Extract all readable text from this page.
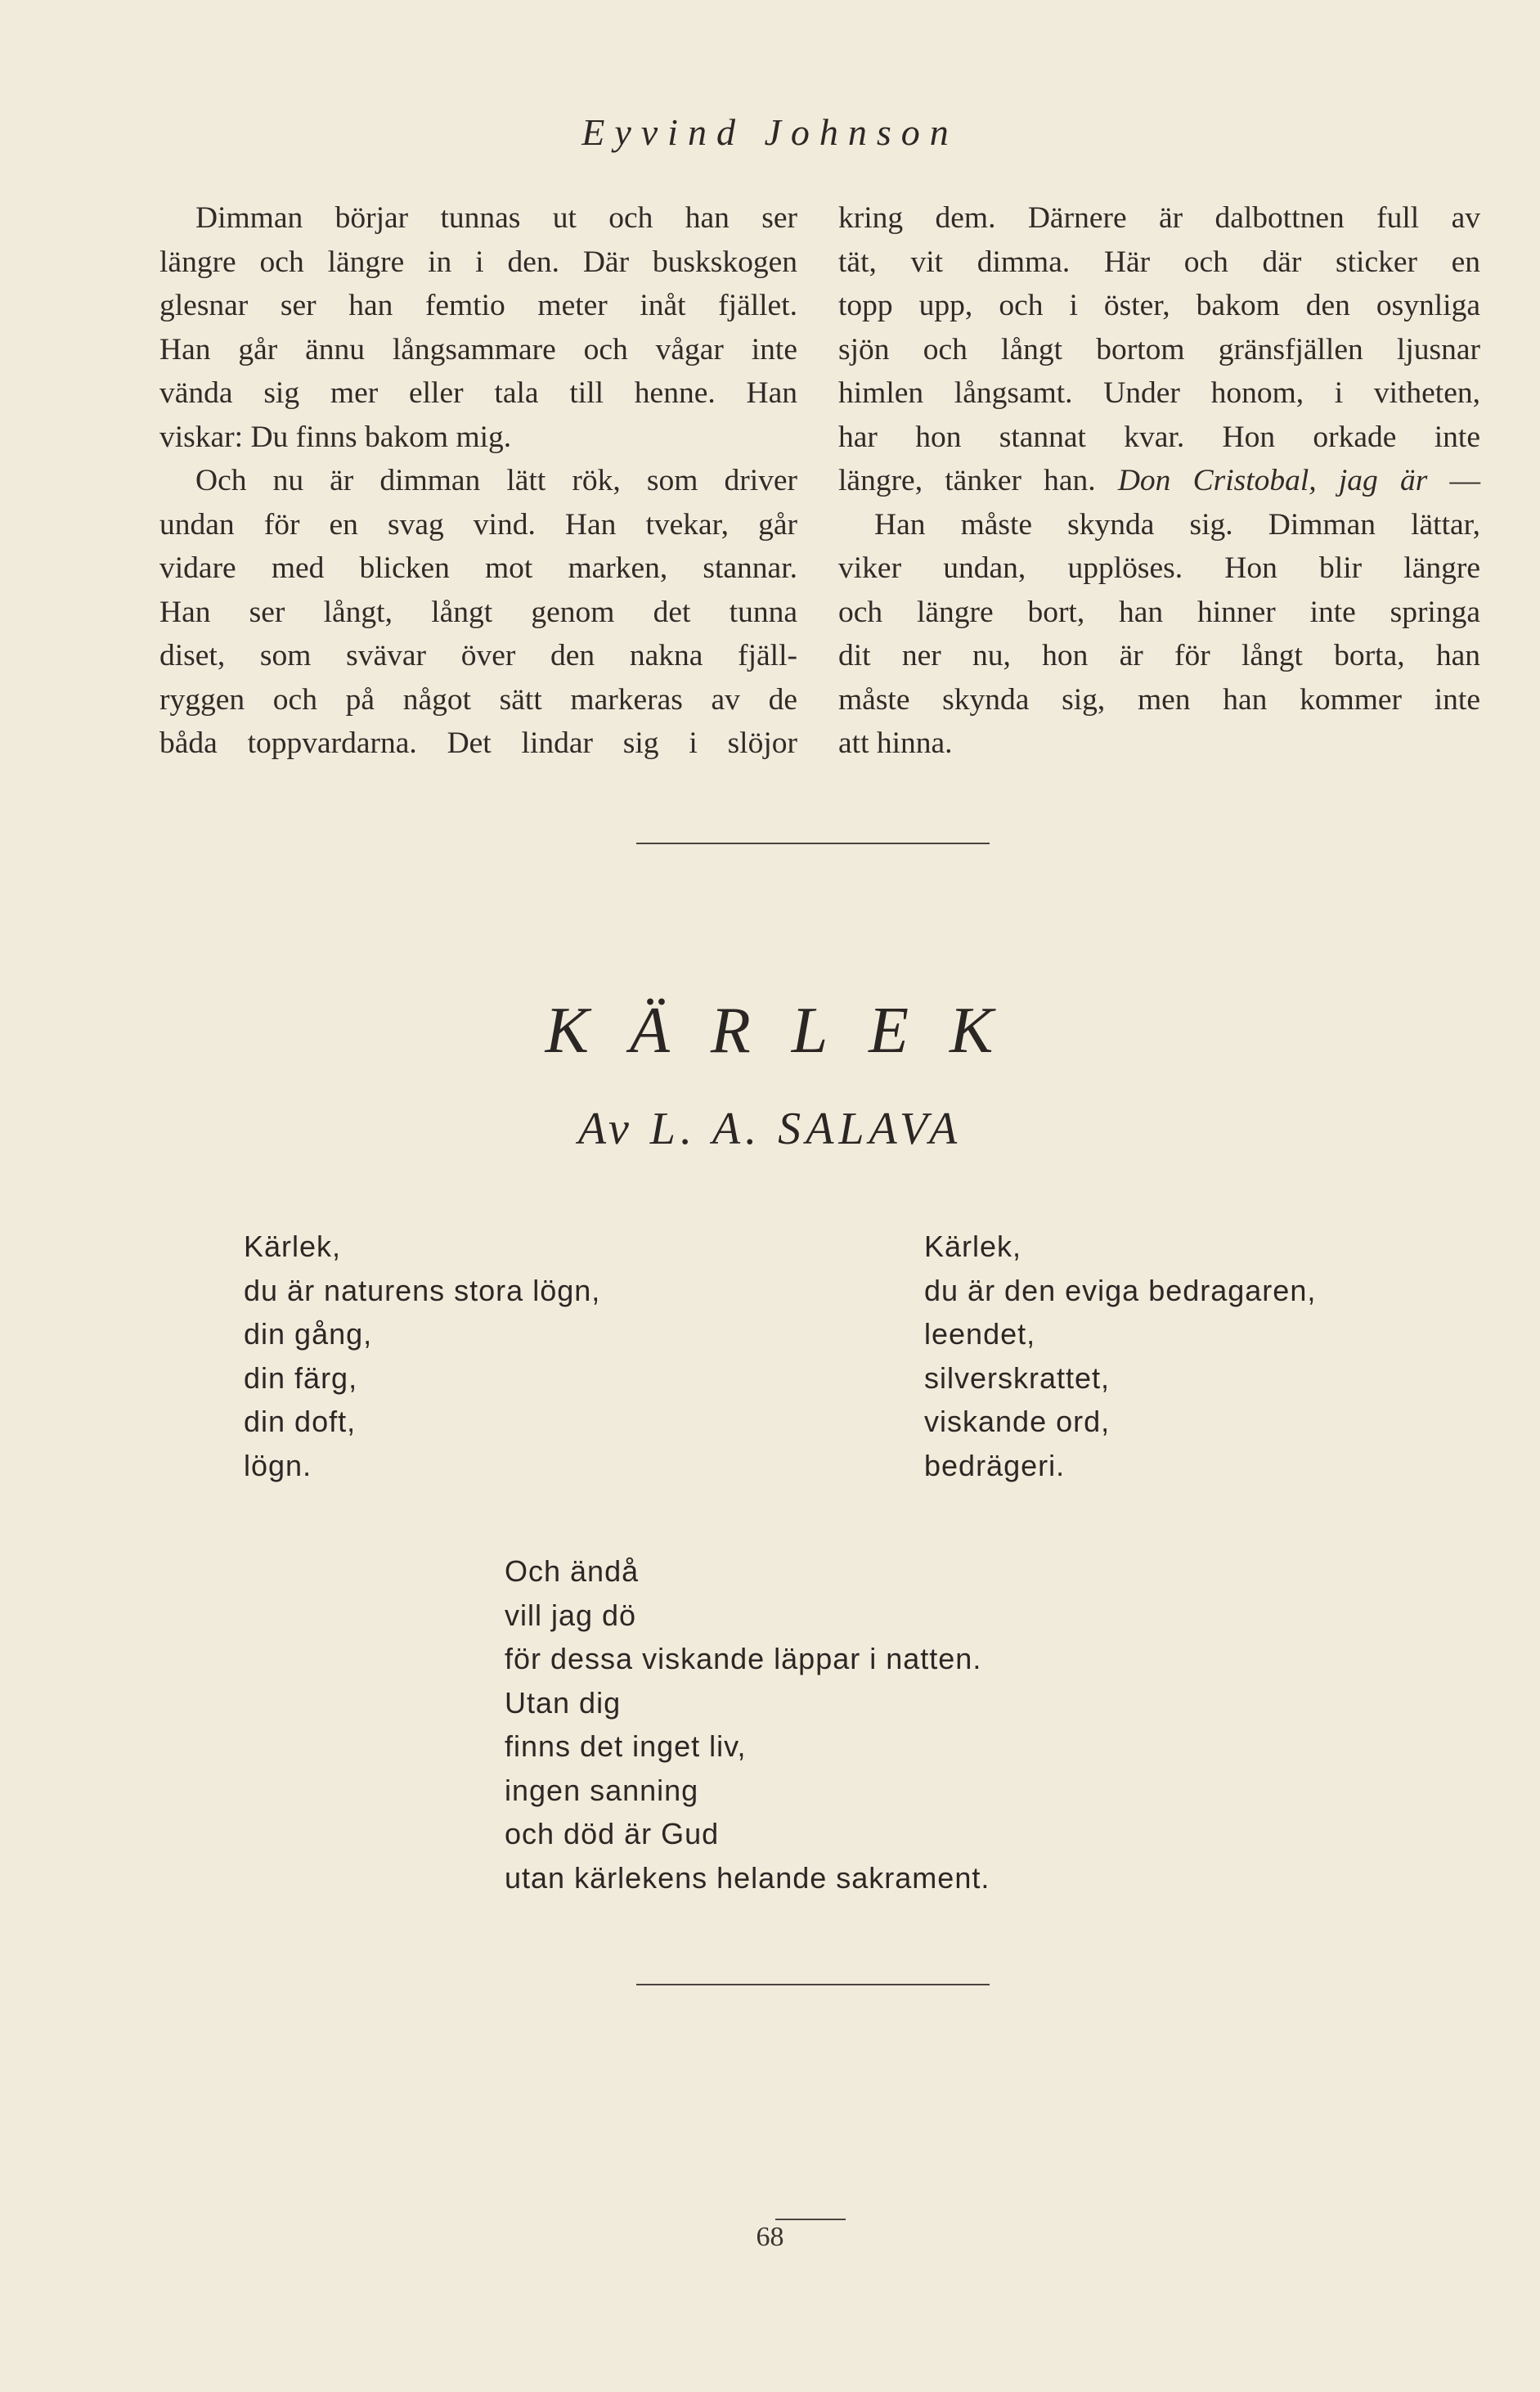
Eyvind Johnson

Dimman börjar tunnas ut och han ser
längre och längre in i den. Där buskskogen
glesnar ser han femtio meter inåt fjället.
Han går ännu långsammare och vågar inte
vända sig mer eller tala till henne. Han
viskar: Du finns bakom mig.

Och nu är dimman lätt rök, som driver
undan för en svag vind. Han tvekar, går
vidare med blicken mot marken, stannar.
Han ser långt, långt genom det tunna
diset, som svävar över den nakna fjäll-
ryggen och på något sätt markeras av de
båda toppvardarna. Det lindar sig i slöjor

kring dem. Därnere är dalbottnen full av
tät, vit dimma. Här och där sticker en
topp upp, och i öster, bakom den osynliga
sjön och långt bortom gränsfjällen ljusnar
himlen långsamt. Under honom, i vitheten,
har hon stannat kvar. Hon orkade inte
längre, tänker han. Don Cristobal, jag är —

Han måste skynda sig. Dimman lättar,
viker undan, upplöses. Hon blir längre
och längre bort, han hinner inte springa
dit ner nu, hon är för långt borta, han
måste skynda sig, men han kommer inte
att hinna.

KÄRLEK
Av L. A. SALAVA
Kärlek,
du är naturens stora lögn,
din gång,
din färg,
din doft,
lögn.
Kärlek,
du är den eviga bedragaren,
leendet,
silverskrattet,
viskande ord,
bedrägeri.
Och ändå
vill jag dö
för dessa viskande läppar i natten.
Utan dig
finns det inget liv,
ingen sanning
och död är Gud
utan kärlekens helande sakrament.
68
